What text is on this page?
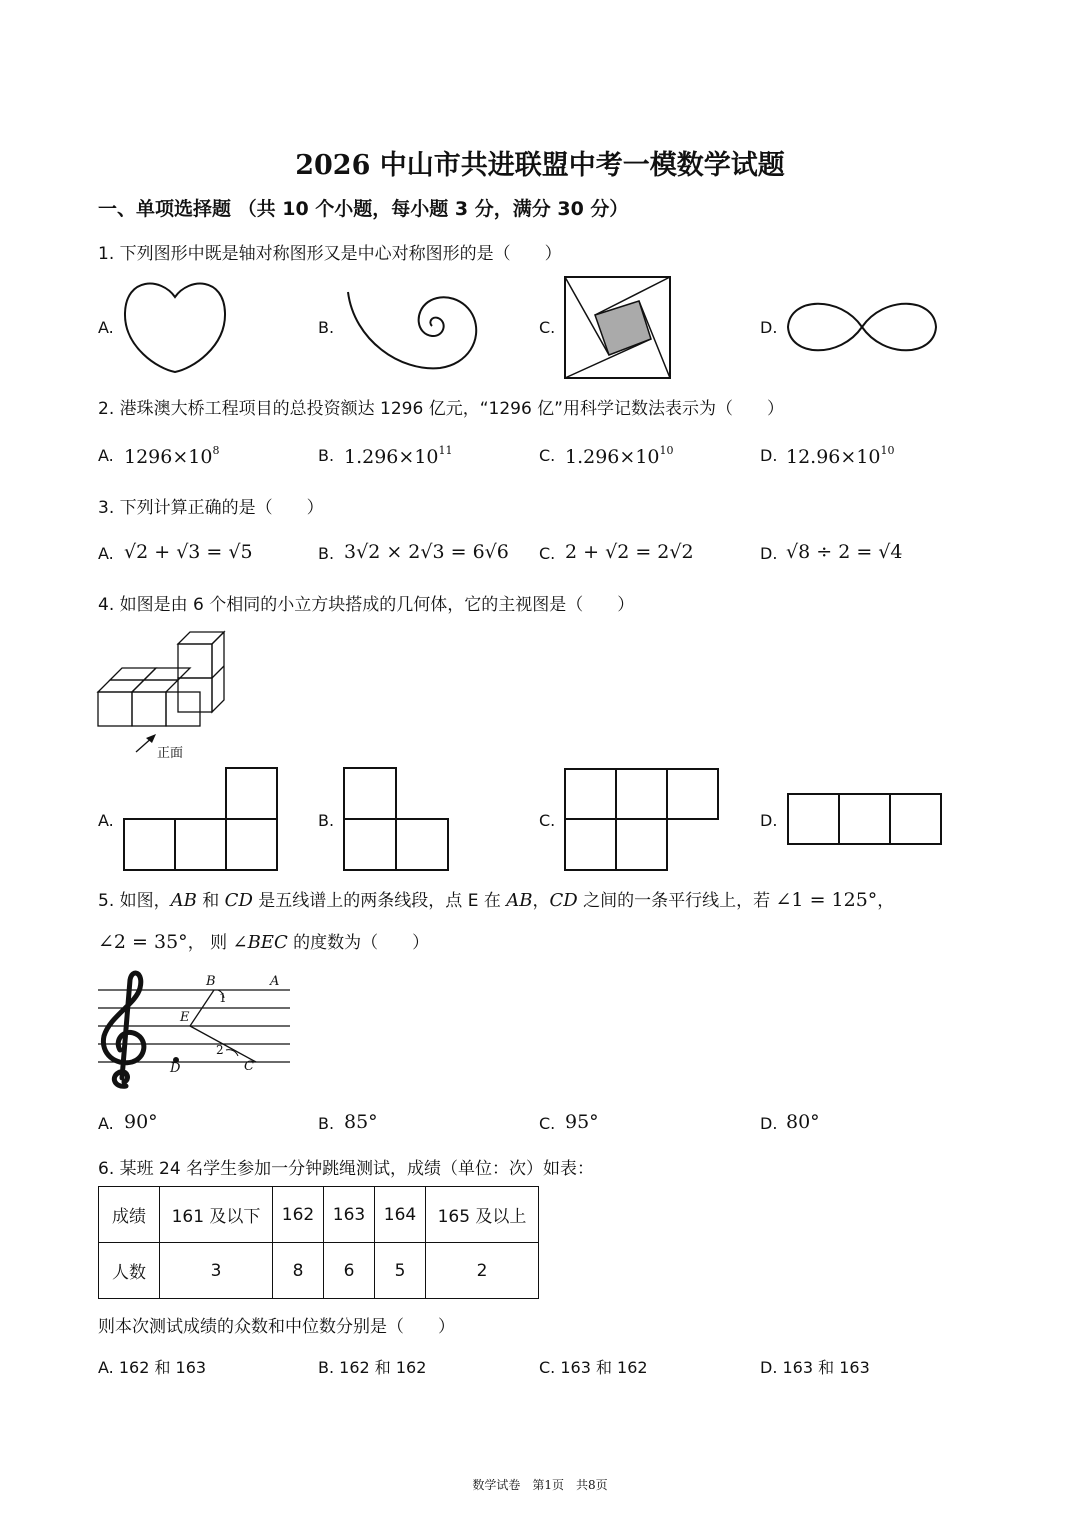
2026 中山市共进联盟中考一模数学试题
一、单项选择题 （共 10 个小题，每小题 3 分，满分 30 分）
1. 下列图形中既是轴对称图形又是中心对称图形的是（　　）
A.	B.	C.	D.
2. 港珠澳大桥工程项目的总投资额达 1296 亿元，“1296 亿”用科学记数法表示为（　　）
A. $1296\times 10^8$	B. $1.296\times 10^{11}$	C. $1.296\times 10^{10}$	D. $12.96\times 10^{10}$
3. 下列计算正确的是（　　）
A. √2 + √3 = √5	B. 3√2 × 2√3 = 6√6 C. 2 + √2 = 2√2	D. √8 ÷ 2 = √4
4. 如图是由 6 个相同的小立方块搭成的几何体，它的主视图是（　　）
正面
A.	B.	C.	D.
5. 如图，AB 和 CD 是五线谱上的两条线段，点 E 在 AB，CD 之间的一条平行线上，若 ∠1 = 125°，
∠2 = 35°， 则 ∠BEC 的度数为（　　）
B	A
1
E
2
D	C
A. 90°	B. 85°	C. 95°	D. 80°
6. 某班 24 名学生参加一分钟跳绳测试，成绩（单位：次）如表：
成绩	161 及以下	162	163	164	165 及以上
人数	3	8	6	5	2
则本次测试成绩的众数和中位数分别是（　　）
A. 162 和 163	B. 162 和 162	C. 163 和 162	D. 163 和 163
数学试卷　第1页　共8页
